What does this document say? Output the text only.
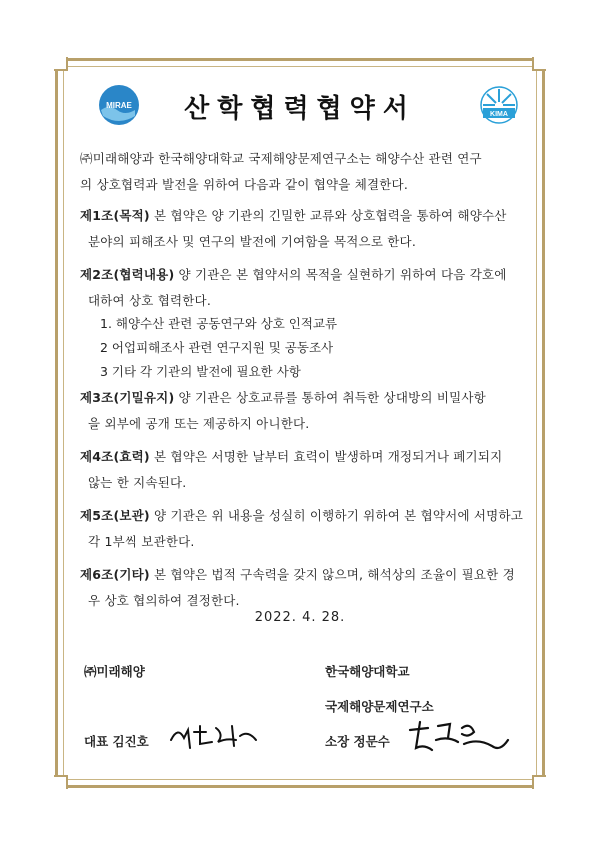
MIRAE
KIMA
산학협력협약서
㈜미래해양과 한국해양대학교 국제해양문제연구소는 해양수산 관련 연구
의 상호협력과 발전을 위하여 다음과 같이 협약을 체결한다.
제1조(목적) 본 협약은 양 기관의 긴밀한 교류와 상호협력을 통하여 해양수산
분야의 피해조사 및 연구의 발전에 기여함을 목적으로 한다.
제2조(협력내용) 양 기관은 본 협약서의 목적을 실현하기 위하여 다음 각호에
대하여 상호 협력한다.
1. 해양수산 관련 공동연구와 상호 인적교류
2 어업피해조사 관련 연구지원 및 공동조사
3 기타 각 기관의 발전에 필요한 사항
제3조(기밀유지) 양 기관은 상호교류를 통하여 취득한 상대방의 비밀사항
을 외부에 공개 또는 제공하지 아니한다.
제4조(효력) 본 협약은 서명한 날부터 효력이 발생하며 개정되거나 폐기되지
않는 한 지속된다.
제5조(보관) 양 기관은 위 내용을 성실히 이행하기 위하여 본 협약서에 서명하고
각 1부씩 보관한다.
제6조(기타) 본 협약은 법적 구속력을 갖지 않으며, 해석상의 조율이 필요한 경
우 상호 협의하여 결정한다.
2022. 4. 28.
㈜미래해양
대표 김진호
한국해양대학교
국제해양문제연구소
소장 정문수
